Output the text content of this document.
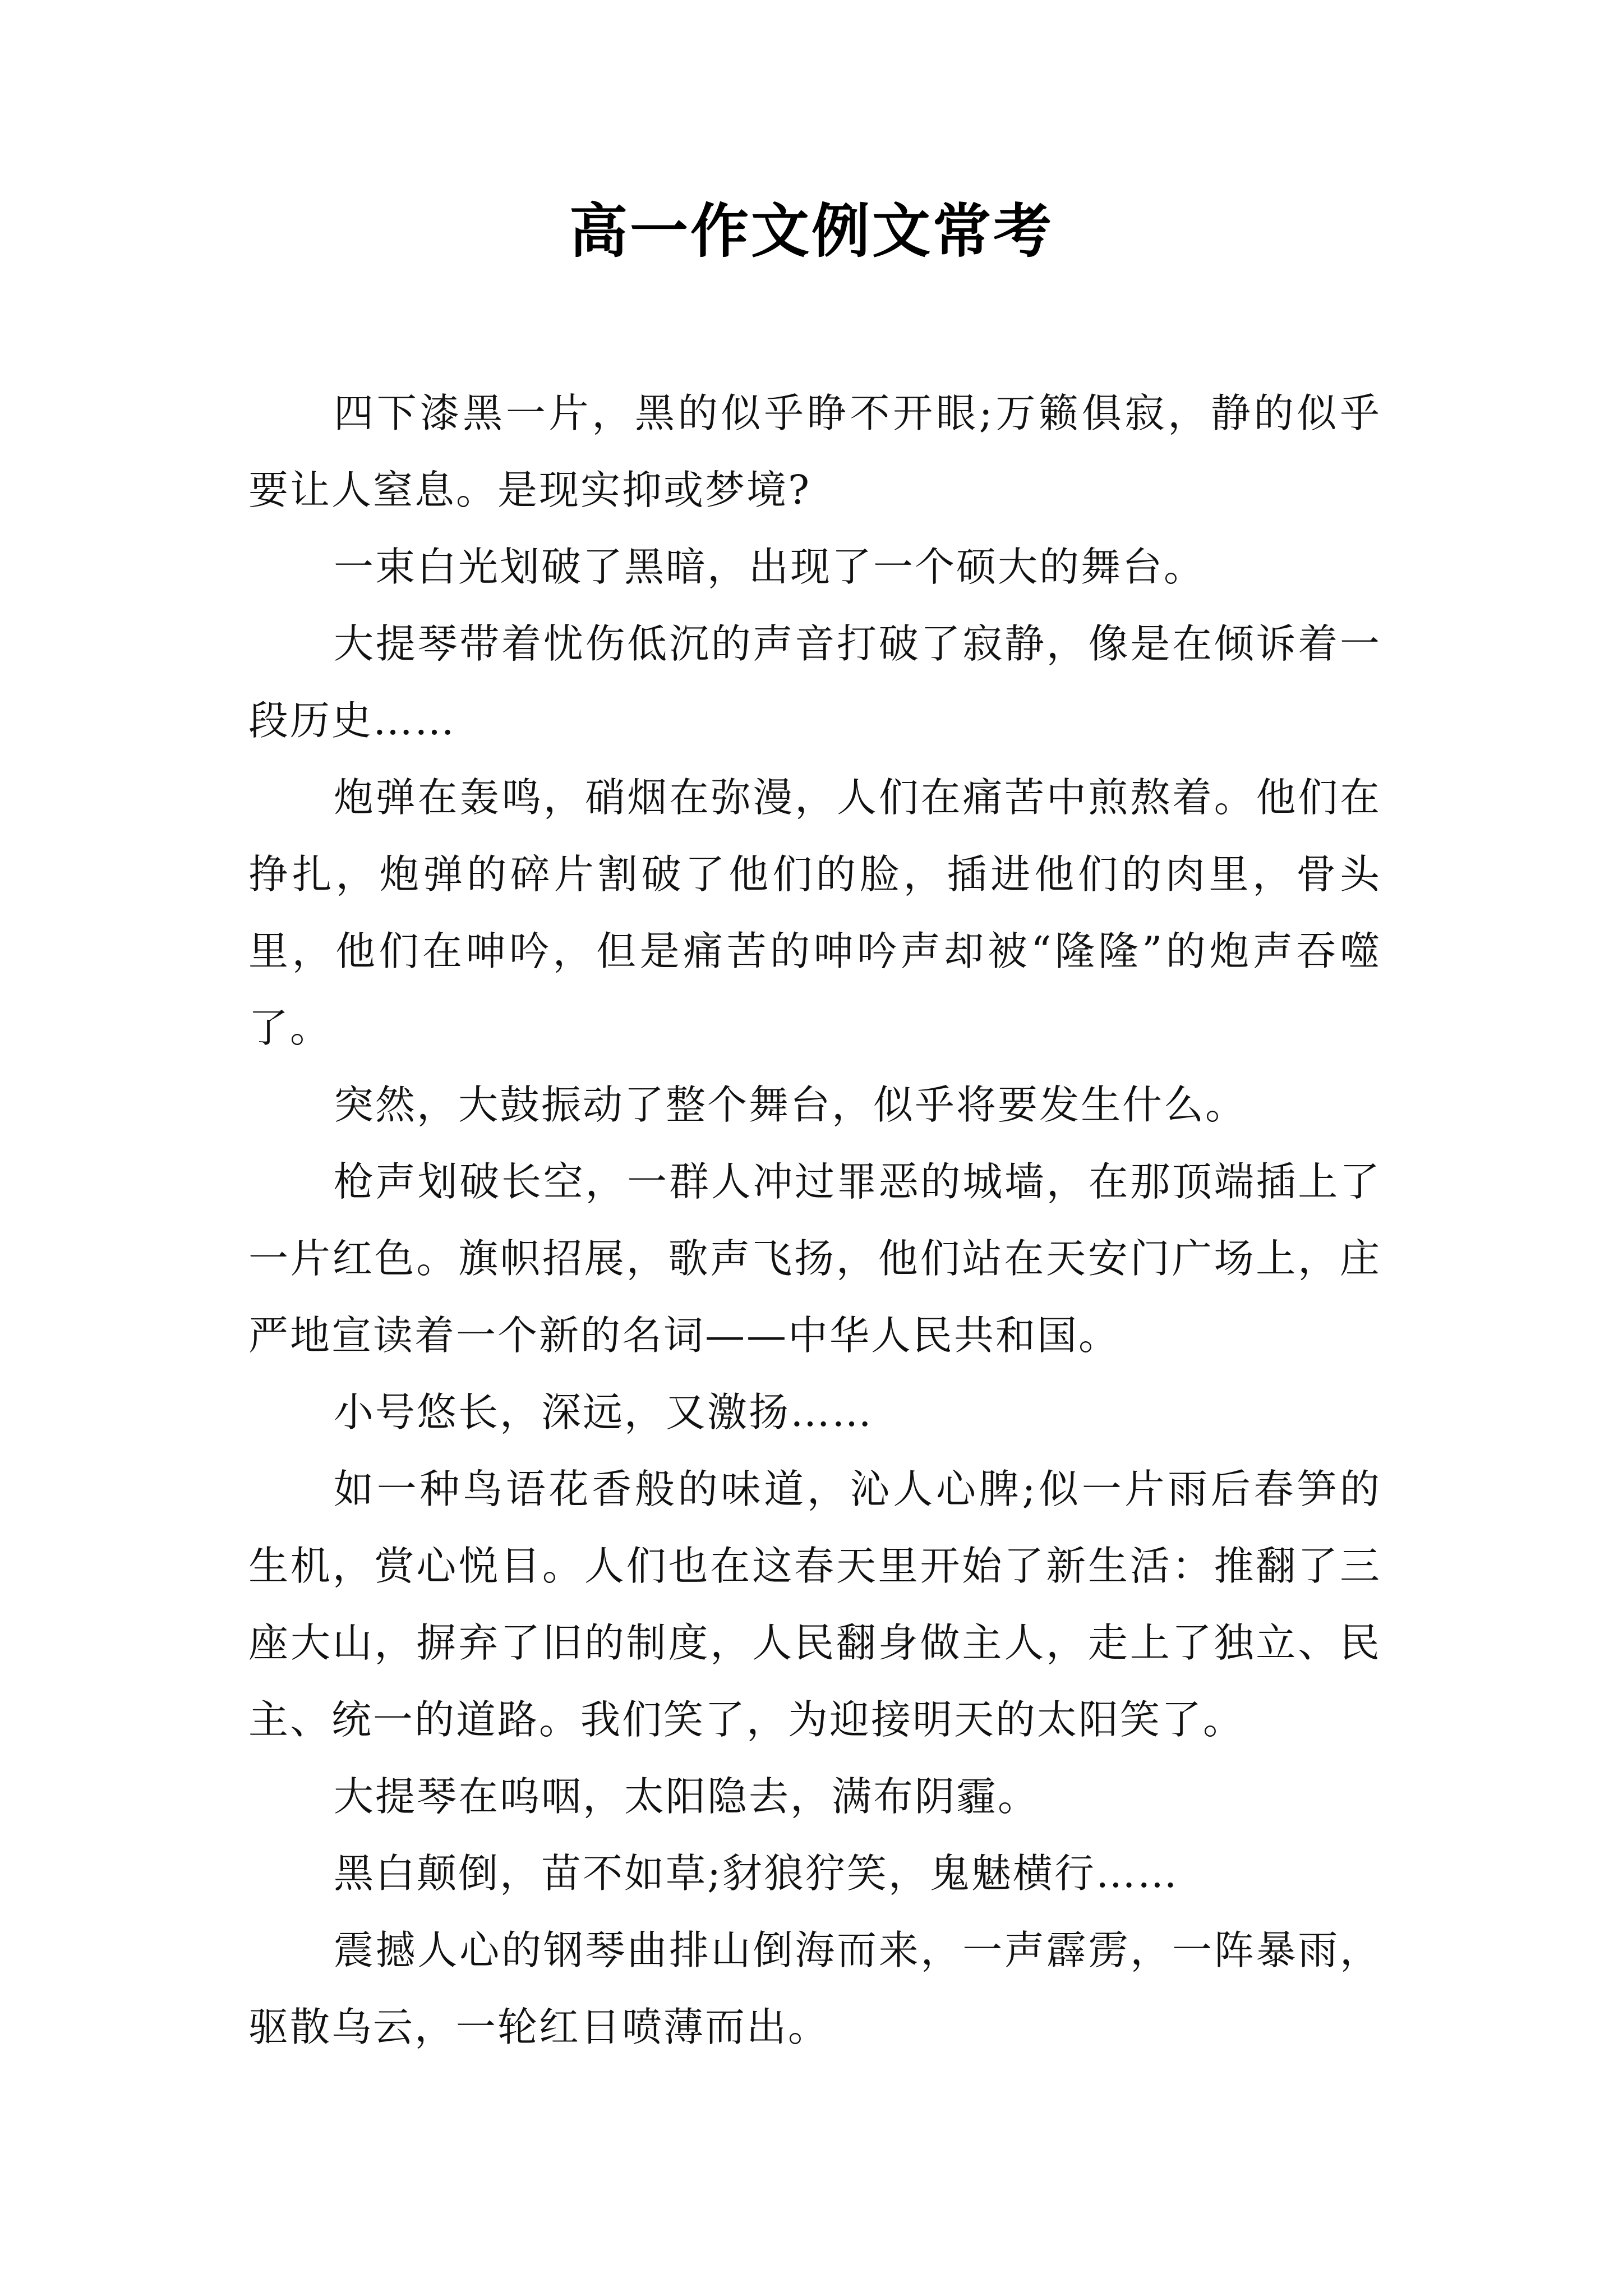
高一作文例文常考

四下漆黑一片，黑的似乎睁不开眼;万籁俱寂，静的似乎要让人窒息。是现实抑或梦境?

一束白光划破了黑暗，出现了一个硕大的舞台。

大提琴带着忧伤低沉的声音打破了寂静，像是在倾诉着一段历史……

炮弹在轰鸣，硝烟在弥漫，人们在痛苦中煎熬着。他们在挣扎，炮弹的碎片割破了他们的脸，插进他们的肉里，骨头里，他们在呻吟，但是痛苦的呻吟声却被“隆隆”的炮声吞噬了。

突然，大鼓振动了整个舞台，似乎将要发生什么。

枪声划破长空，一群人冲过罪恶的城墙，在那顶端插上了一片红色。旗帜招展，歌声飞扬，他们站在天安门广场上，庄严地宣读着一个新的名词——中华人民共和国。

小号悠长，深远，又激扬……

如一种鸟语花香般的味道，沁人心脾;似一片雨后春笋的生机，赏心悦目。人们也在这春天里开始了新生活：推翻了三座大山，摒弃了旧的制度，人民翻身做主人，走上了独立、民主、统一的道路。我们笑了，为迎接明天的太阳笑了。

大提琴在呜咽，太阳隐去，满布阴霾。

黑白颠倒，苗不如草;豺狼狞笑，鬼魅横行……

震撼人心的钢琴曲排山倒海而来，一声霹雳，一阵暴雨，驱散乌云，一轮红日喷薄而出。
